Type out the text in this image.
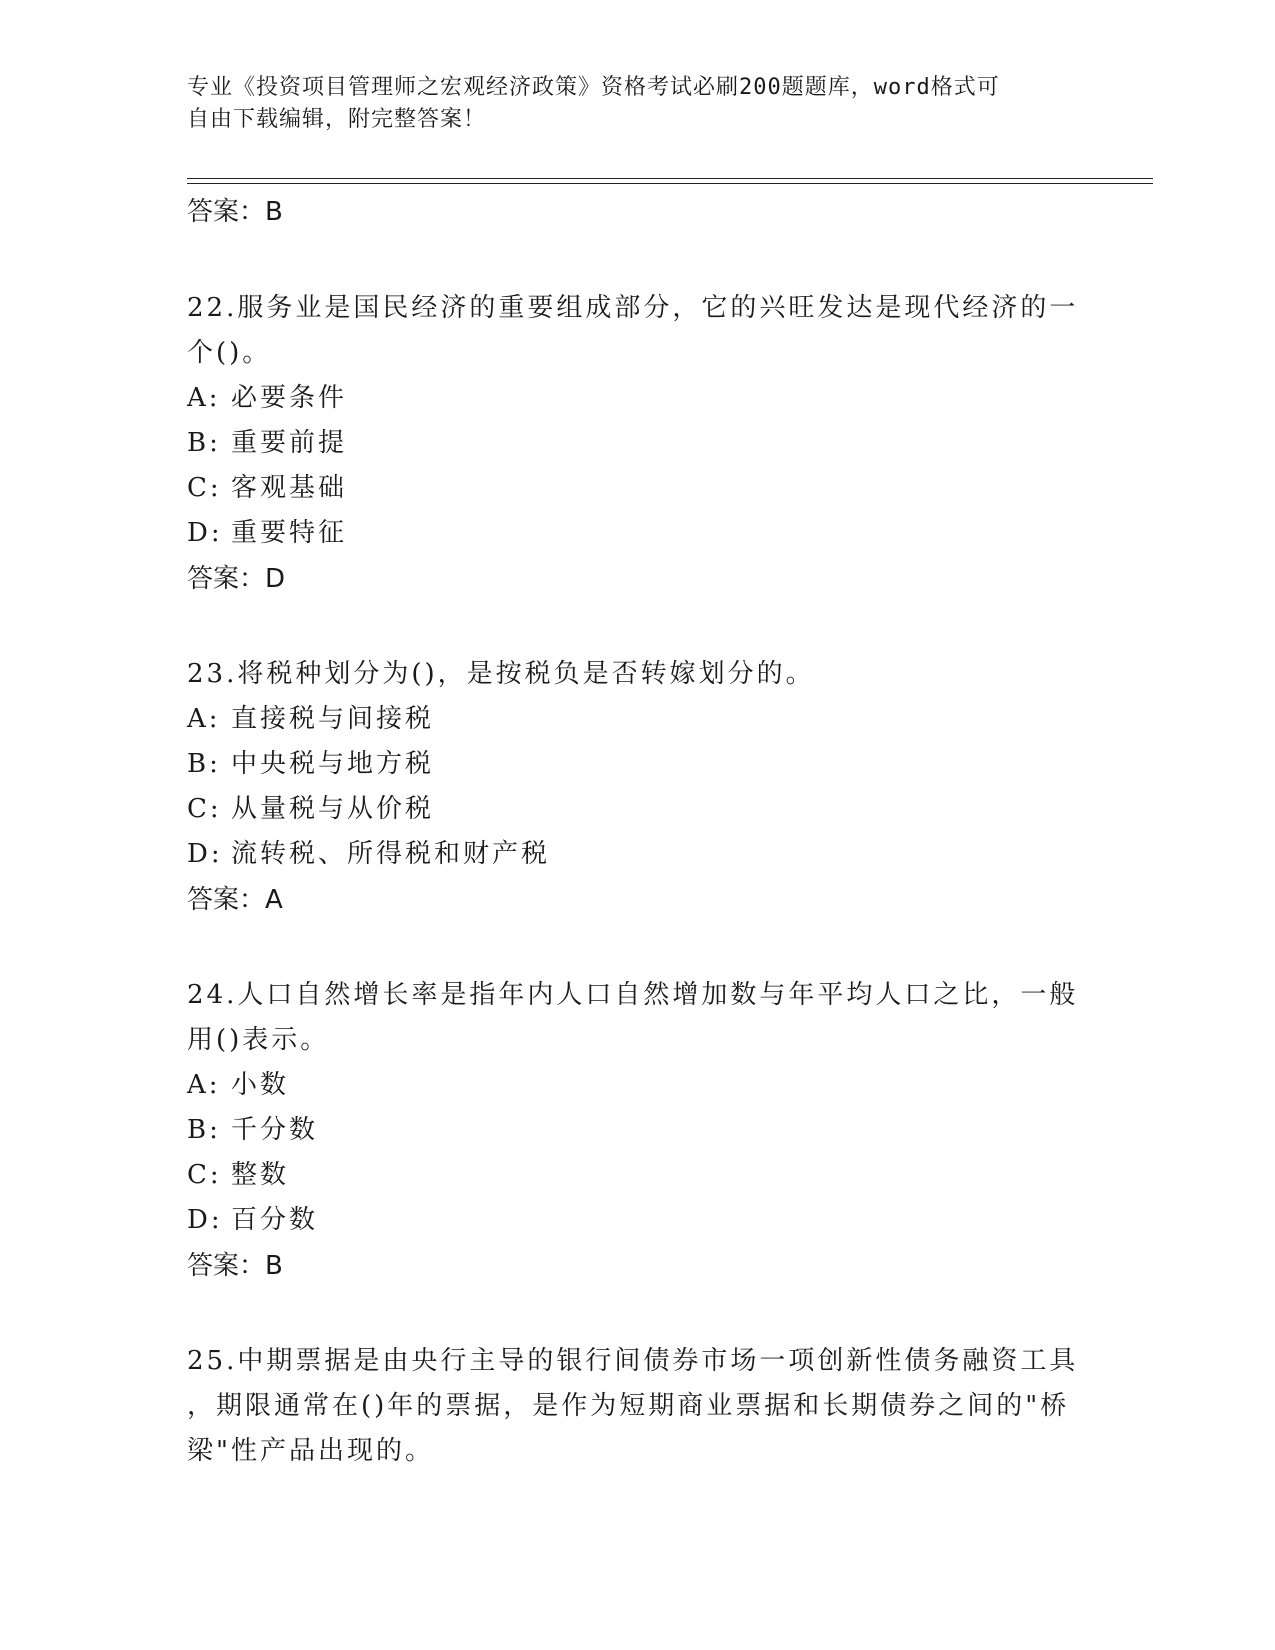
专业《投资项目管理师之宏观经济政策》资格考试必刷200题题库，word格式可
自由下载编辑，附完整答案！

答案：B

22.服务业是国民经济的重要组成部分，它的兴旺发达是现代经济的一

个()。

A: 必要条件
B: 重要前提
C: 客观基础
D: 重要特征

答案：D

23.将税种划分为()，是按税负是否转嫁划分的。

A: 直接税与间接税
B: 中央税与地方税
C: 从量税与从价税
D: 流转税、所得税和财产税

答案：A

24.人口自然增长率是指年内人口自然增加数与年平均人口之比，一般

用()表示。

A: 小数
B: 千分数
C: 整数
D: 百分数

答案：B

25.中期票据是由央行主导的银行间债券市场一项创新性债务融资工具

，期限通常在()年的票据，是作为短期商业票据和长期债券之间的"桥

梁"性产品出现的。
